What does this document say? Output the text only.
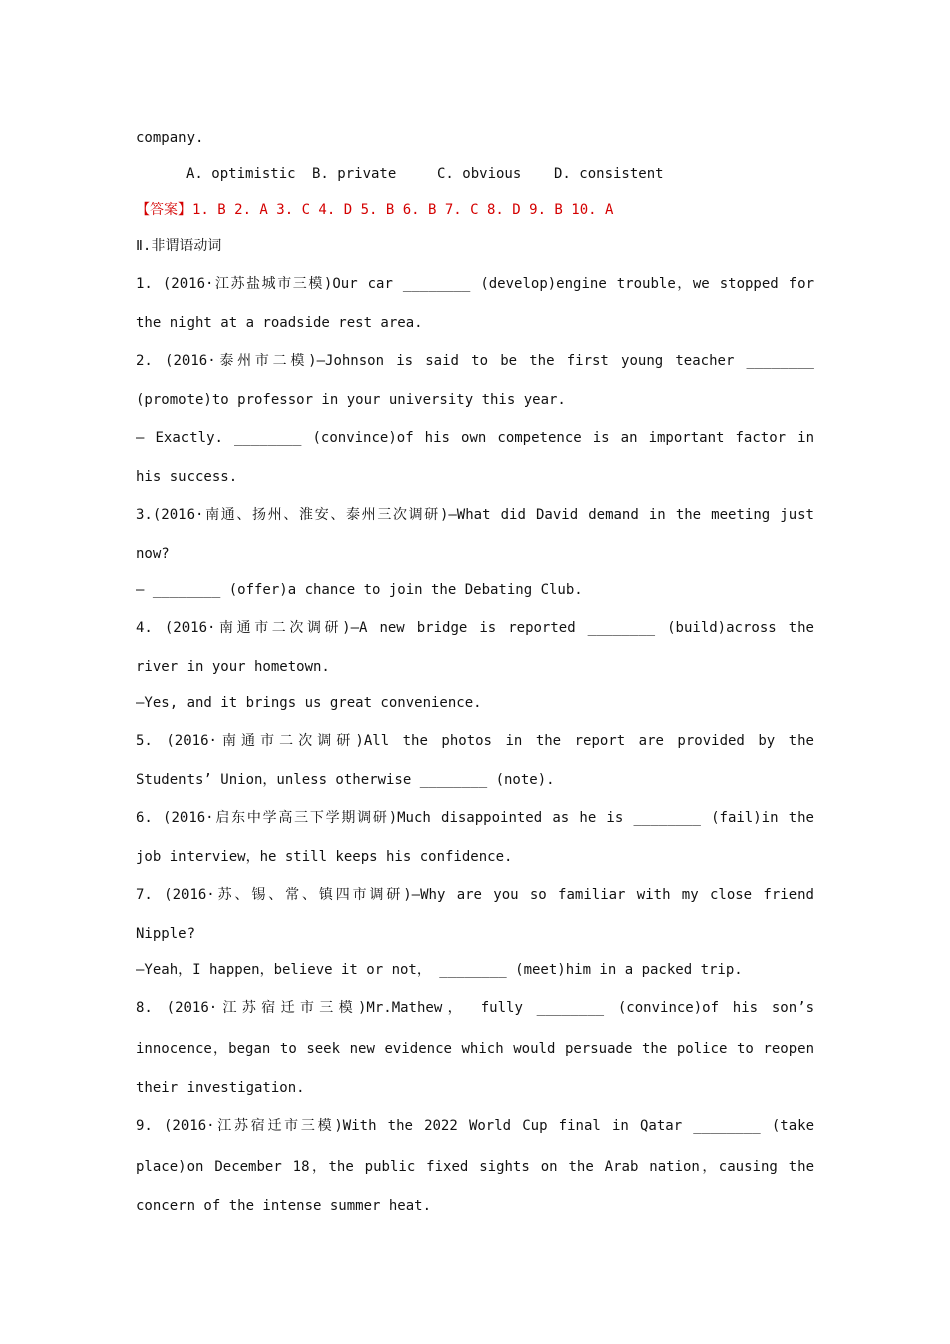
company.
A. optimistic	B. private	C. obvious	D. consistent
【答案】1. B 2. A 3. C 4. D 5. B 6. B 7. C 8. D 9. B 10. A
Ⅱ.非谓语动词
1. (2016·江苏盐城市三模)Our car ________ (develop)engine trouble，we stopped for
the night at a roadside rest area.
2. (2016·泰州市二模)—Johnson is said to be the first young teacher ________
(promote)to professor in your university this year.
— Exactly. ________ (convince)of his own competence is an important factor in
his success.
3.(2016·南通、扬州、淮安、泰州三次调研)—What did David demand in the meeting just
now?
— ________ (offer)a chance to join the Debating Club.
4. (2016·南通市二次调研)—A new bridge is reported ________ (build)across the
river in your hometown.
—Yes, and it brings us great convenience.
5. (2016·南通市二次调研)All the photos in the report are provided by the
Students’ Union，unless otherwise ________ (note).
6. (2016·启东中学高三下学期调研)Much disappointed as he is ________ (fail)in the
job interview，he still keeps his confidence.
7. (2016·苏、锡、常、镇四市调研)—Why are you so familiar with my close friend
Nipple?
—Yeah，I happen，believe it or not， ________ (meet)him in a packed trip.
8. (2016·江苏宿迁市三模)Mr.Mathew， fully ________ (convince)of his son’s
innocence，began to seek new evidence which would persuade the police to reopen
their investigation.
9. (2016·江苏宿迁市三模)With the 2022 World Cup final in Qatar ________ (take
place)on December 18，the public fixed sights on the Arab nation，causing the
concern of the intense summer heat.
